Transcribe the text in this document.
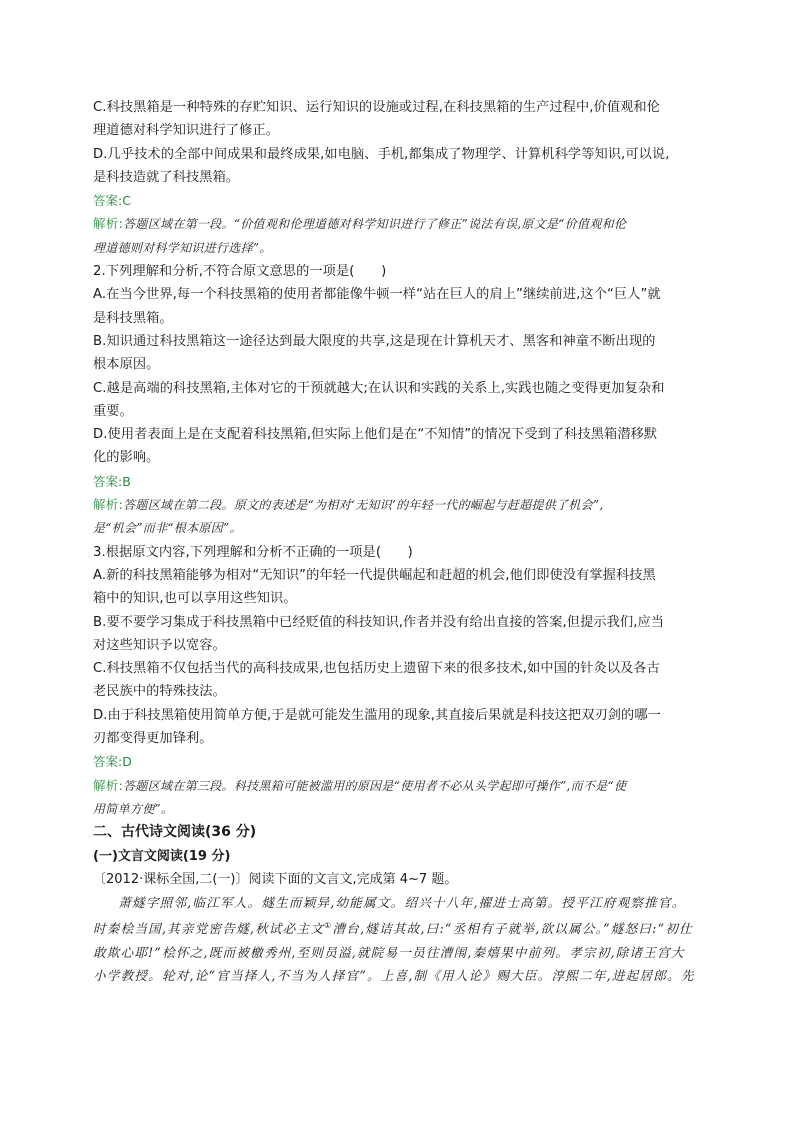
C.科技黑箱是一种特殊的存贮知识、运行知识的设施或过程,在科技黑箱的生产过程中,价值观和伦

理道德对科学知识进行了修正。

D.几乎技术的全部中间成果和最终成果,如电脑、手机,都集成了物理学、计算机科学等知识,可以说,

是科技造就了科技黑箱。

答案:C

解析:答题区域在第一段。“价值观和伦理道德对科学知识进行了修正”说法有误,原文是“价值观和伦

理道德则对科学知识进行选择”。

2.下列理解和分析,不符合原文意思的一项是(　　)

A.在当今世界,每一个科技黑箱的使用者都能像牛顿一样“站在巨人的肩上”继续前进,这个“巨人”就

是科技黑箱。

B.知识通过科技黑箱这一途径达到最大限度的共享,这是现在计算机天才、黑客和神童不断出现的

根本原因。

C.越是高端的科技黑箱,主体对它的干预就越大;在认识和实践的关系上,实践也随之变得更加复杂和

重要。

D.使用者表面上是在支配着科技黑箱,但实际上他们是在“不知情”的情况下受到了科技黑箱潜移默

化的影响。

答案:B

解析:答题区域在第二段。原文的表述是“为相对‘无知识’的年轻一代的崛起与赶超提供了机会”,

是“机会”而非“根本原因”。

3.根据原文内容,下列理解和分析不正确的一项是(　　)

A.新的科技黑箱能够为相对“无知识”的年轻一代提供崛起和赶超的机会,他们即使没有掌握科技黑

箱中的知识,也可以享用这些知识。

B.要不要学习集成于科技黑箱中已经贬值的科技知识,作者并没有给出直接的答案,但提示我们,应当

对这些知识予以宽容。

C.科技黑箱不仅包括当代的高科技成果,也包括历史上遗留下来的很多技术,如中国的针灸以及各古

老民族中的特殊技法。

D.由于科技黑箱使用简单方便,于是就可能发生滥用的现象,其直接后果就是科技这把双刃剑的哪一

刃都变得更加锋利。

答案:D

解析:答题区域在第三段。科技黑箱可能被滥用的原因是“使用者不必从头学起即可操作”,而不是“使

用简单方便”。

二、古代诗文阅读(36 分)

(一)文言文阅读(19 分)

〔2012·课标全国,二(一)〕阅读下面的文言文,完成第 4~7 题。

萧燧字照邻,临江军人。燧生而颖异,幼能属文。绍兴十八年,擢进士高第。授平江府观察推官。

时秦桧当国,其亲党密告燧,秋试必主文①漕台,燧诘其故,曰:“丞相有子就举,欲以属公。”燧怒曰:“初仕

敢欺心耶!”桧怀之,既而被檄秀州,至则员溢,就院易一员往漕闱,秦熺果中前列。孝宗初,除诸王宫大

小学教授。轮对,论“官当择人,不当为人择官”。上喜,制《用人论》赐大臣。淳熙二年,进起居郎。先
